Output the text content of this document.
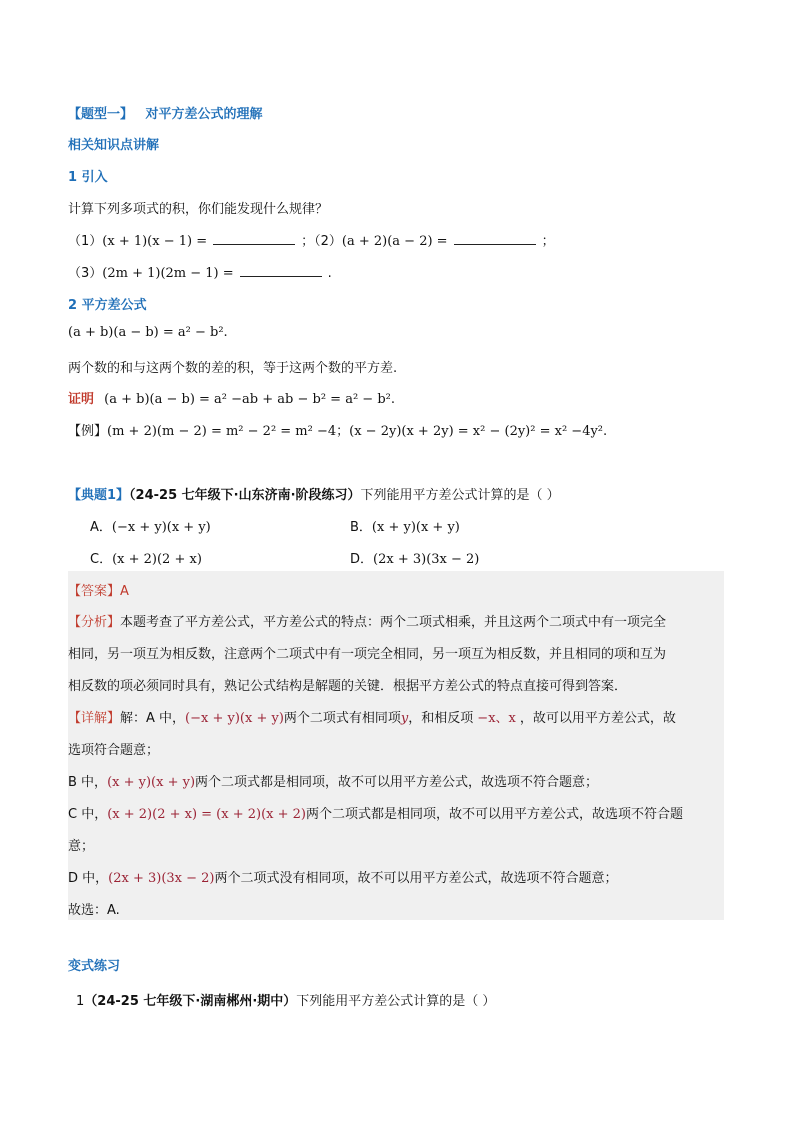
【题型一】 对平方差公式的理解
相关知识点讲解
1 引入
计算下列多项式的积，你们能发现什么规律？
（1）(x + 1)(x − 1) =	；（2）(a + 2)(a − 2) =	；
（3）(2m + 1)(2m − 1) =	.
2 平方差公式
(a + b)(a − b) = a² − b².
两个数的和与这两个数的差的积，等于这两个数的平方差.
证明 (a + b)(a − b) = a² −ab + ab − b² = a² − b².
【例】(m + 2)(m − 2) = m² − 2² = m² −4；(x − 2y)(x + 2y) = x² − (2y)² = x² −4y².
【典题1】（24-25 七年级下·山东济南·阶段练习）下列能用平方差公式计算的是（ ）
A．(−x + y)(x + y)	B．(x + y)(x + y)
C．(x + 2)(2 + x)	D．(2x + 3)(3x − 2)
【答案】A
【分析】本题考查了平方差公式，平方差公式的特点：两个二项式相乘，并且这两个二项式中有一项完全
相同，另一项互为相反数，注意两个二项式中有一项完全相同，另一项互为相反数，并且相同的项和互为
相反数的项必须同时具有，熟记公式结构是解题的关键．根据平方差公式的特点直接可得到答案．
【详解】解：A 中，(−x + y)(x + y)两个二项式有相同项y，和相反项 −x、x ，故可以用平方差公式，故
选项符合题意；
B 中，(x + y)(x + y)两个二项式都是相同项，故不可以用平方差公式，故选项不符合题意；
C 中，(x + 2)(2 + x) = (x + 2)(x + 2)两个二项式都是相同项，故不可以用平方差公式，故选项不符合题
意；
D 中，(2x + 3)(3x − 2)两个二项式没有相同项，故不可以用平方差公式，故选项不符合题意；
故选：A.
变式练习
1（24-25 七年级下·湖南郴州·期中）下列能用平方差公式计算的是（ ）
